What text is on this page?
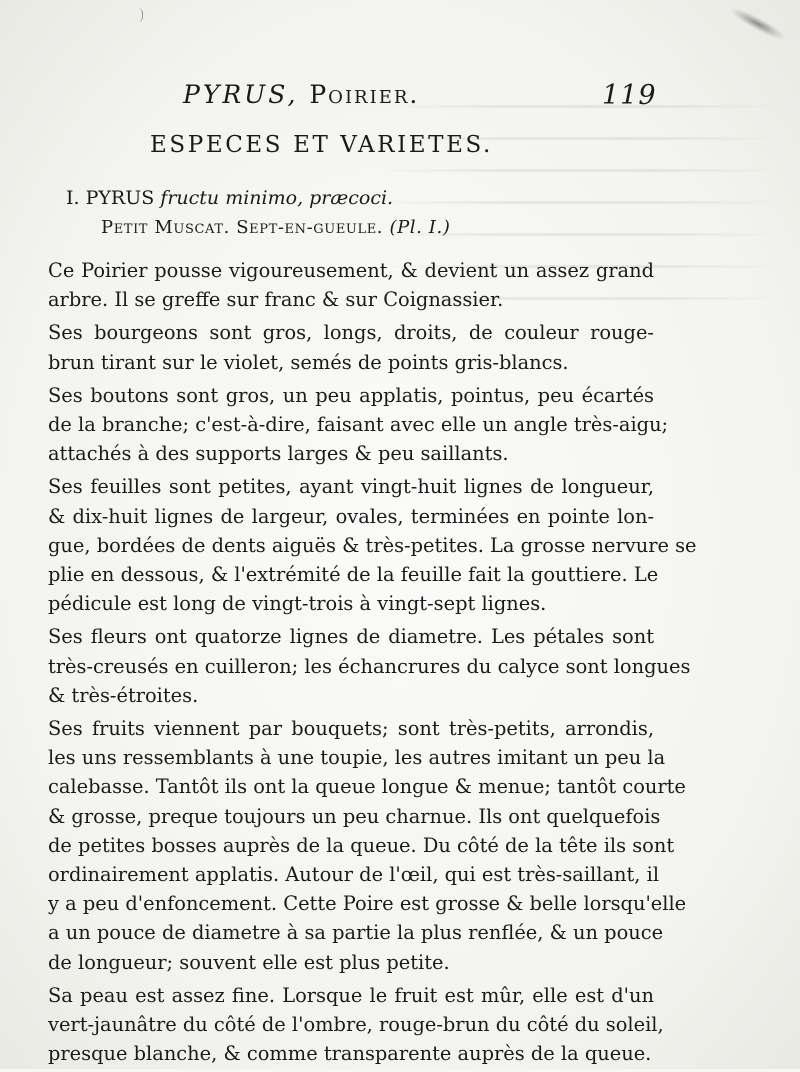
PYRUS, Poirier.	119
ESPECES ET VARIETES.
I. PYRUS fructu minimo, præcoci.
Petit Muscat. Sept-en-gueule. (Pl. I.)

Ce Poirier pousse vigoureusement, & devient un assez grand
arbre. Il se greffe sur franc & sur Coignassier.

Ses bourgeons sont gros, longs, droits, de couleur rouge-
brun tirant sur le violet, semés de points gris-blancs.

Ses boutons sont gros, un peu applatis, pointus, peu écartés
de la branche; c'est-à-dire, faisant avec elle un angle très-aigu;
attachés à des supports larges & peu saillants.

Ses feuilles sont petites, ayant vingt-huit lignes de longueur,
& dix-huit lignes de largeur, ovales, terminées en pointe lon-
gue, bordées de dents aiguës & très-petites. La grosse nervure se
plie en dessous, & l'extrémité de la feuille fait la gouttiere. Le
pédicule est long de vingt-trois à vingt-sept lignes.

Ses fleurs ont quatorze lignes de diametre. Les pétales sont
très-creusés en cuilleron; les échancrures du calyce sont longues
& très-étroites.

Ses fruits viennent par bouquets; sont très-petits, arrondis,
les uns ressemblants à une toupie, les autres imitant un peu la
calebasse. Tantôt ils ont la queue longue & menue; tantôt courte
& grosse, preque toujours un peu charnue. Ils ont quelquefois
de petites bosses auprès de la queue. Du côté de la tête ils sont
ordinairement applatis. Autour de l'œil, qui est très-saillant, il
y a peu d'enfoncement. Cette Poire est grosse & belle lorsqu'elle
a un pouce de diametre à sa partie la plus renflée, & un pouce
de longueur; souvent elle est plus petite.

Sa peau est assez fine. Lorsque le fruit est mûr, elle est d'un
vert-jaunâtre du côté de l'ombre, rouge-brun du côté du soleil,
presque blanche, & comme transparente auprès de la queue.
